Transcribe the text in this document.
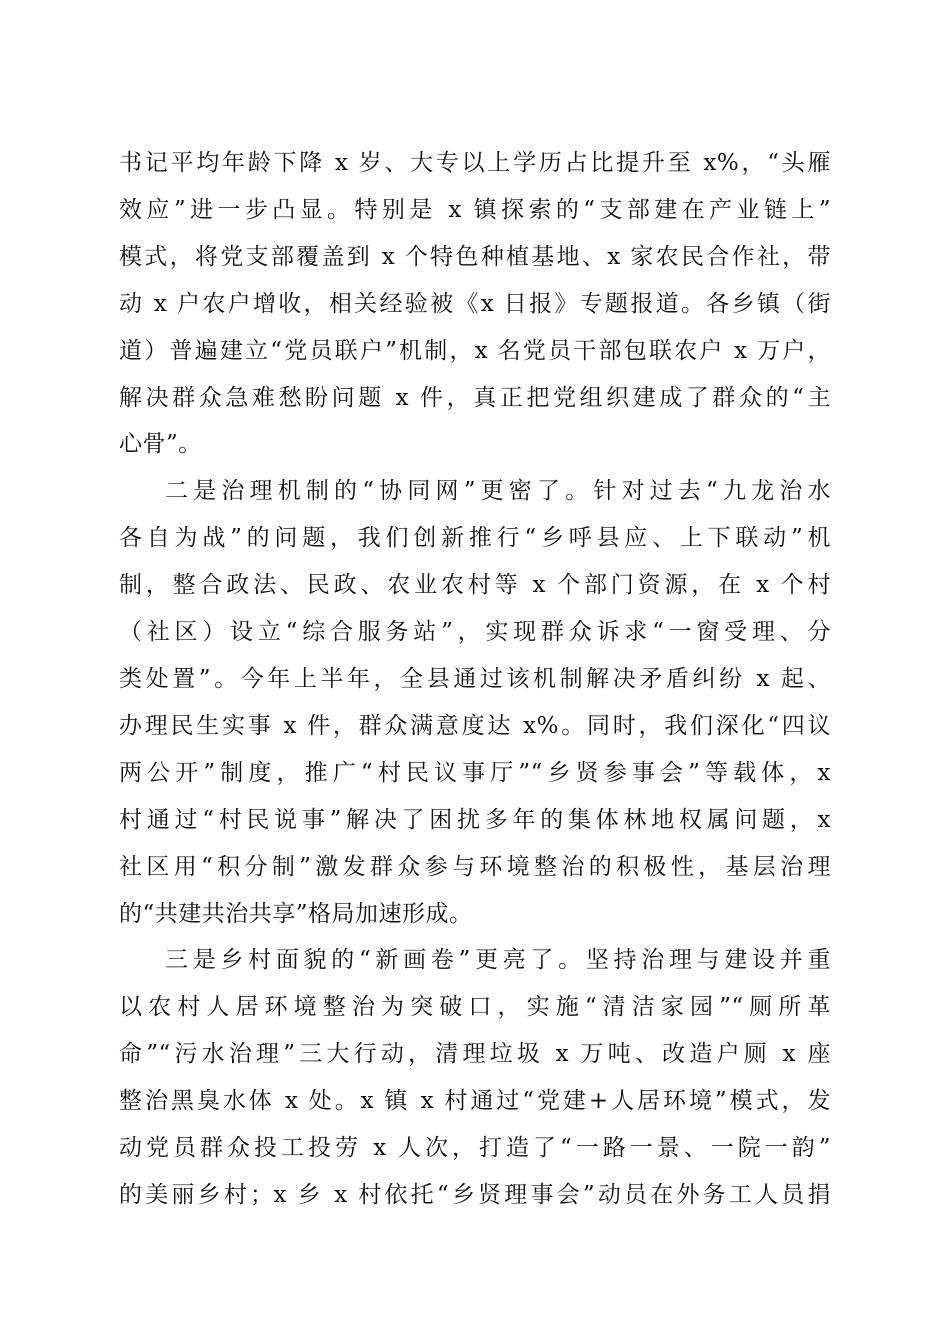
书记平均年龄下降 x 岁、大专以上学历占比提升至 x%，“头雁
效应”进一步凸显。特别是 x 镇探索的“支部建在产业链上”
模式，将党支部覆盖到 x 个特色种植基地、x 家农民合作社，带
动 x 户农户增收，相关经验被《x 日报》专题报道。各乡镇（街
道）普遍建立“党员联户”机制，x 名党员干部包联农户 x 万户，
解决群众急难愁盼问题 x 件，真正把党组织建成了群众的“主
心骨”。

二是治理机制的“协同网”更密了。针对过去“九龙治水
各自为战”的问题，我们创新推行“乡呼县应、上下联动”机
制，整合政法、民政、农业农村等 x 个部门资源，在 x 个村
（社区）设立“综合服务站”，实现群众诉求“一窗受理、分
类处置”。今年上半年，全县通过该机制解决矛盾纠纷 x 起、
办理民生实事 x 件，群众满意度达 x%。同时，我们深化“四议
两公开”制度，推广“村民议事厅”“乡贤参事会”等载体，x
村通过“村民说事”解决了困扰多年的集体林地权属问题，x
社区用“积分制”激发群众参与环境整治的积极性，基层治理
的“共建共治共享”格局加速形成。

三是乡村面貌的“新画卷”更亮了。坚持治理与建设并重
以农村人居环境整治为突破口，实施“清洁家园”“厕所革
命”“污水治理”三大行动，清理垃圾 x 万吨、改造户厕 x 座
整治黑臭水体 x 处。x 镇 x 村通过“党建+人居环境”模式，发
动党员群众投工投劳 x 人次，打造了“一路一景、一院一韵”
的美丽乡村；x 乡 x 村依托“乡贤理事会”动员在外务工人员捐
